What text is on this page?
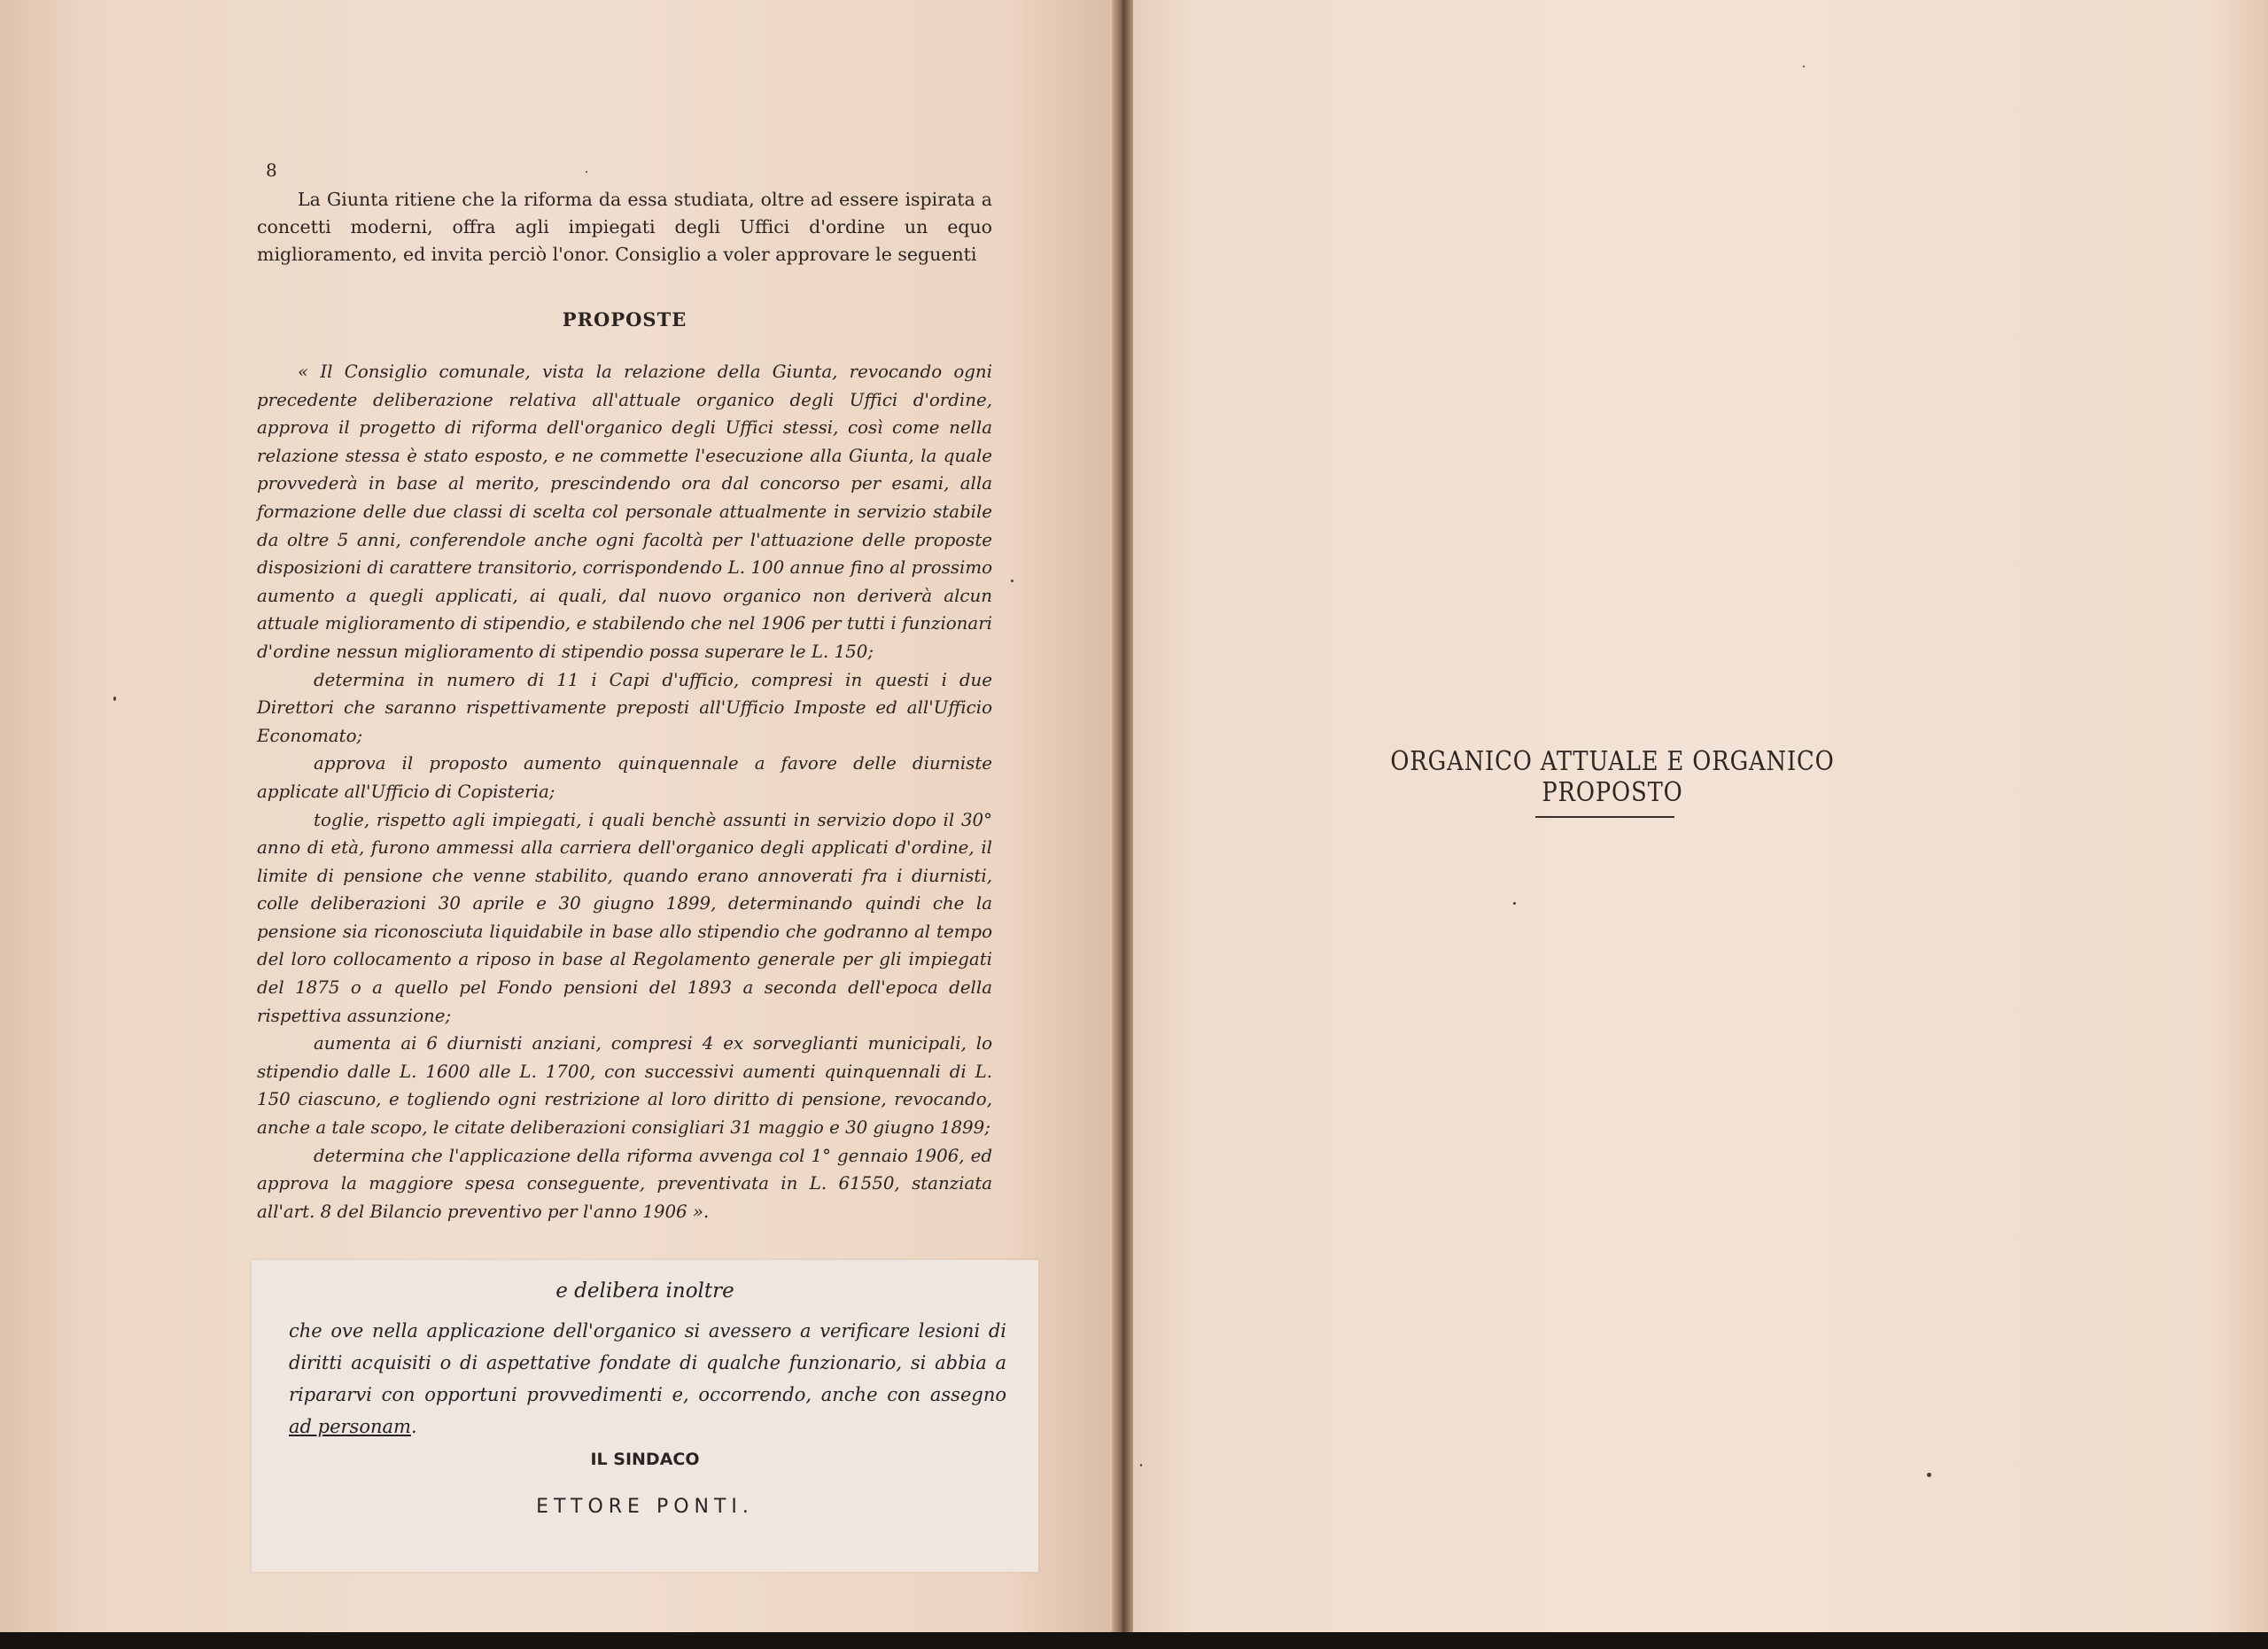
8

La Giunta ritiene che la riforma da essa studiata, oltre ad essere ispirata a concetti moderni, offra agli impiegati degli Uffici d'ordine un equo miglioramento, ed invita perciò l'onor. Consiglio a voler approvare le seguenti

PROPOSTE

« Il Consiglio comunale, vista la relazione della Giunta, revocando ogni precedente deliberazione relativa all'attuale organico degli Uffici d'ordine, approva il progetto di riforma dell'organico degli Uffici stessi, così come nella relazione stessa è stato esposto, e ne commette l'esecuzione alla Giunta, la quale provvederà in base al merito, prescindendo ora dal concorso per esami, alla formazione delle due classi di scelta col personale attualmente in servizio stabile da oltre 5 anni, conferendole anche ogni facoltà per l'attuazione delle proposte disposizioni di carattere transitorio, corrispondendo L. 100 annue fino al prossimo aumento a quegli applicati, ai quali, dal nuovo organico non deriverà alcun attuale miglioramento di stipendio, e stabilendo che nel 1906 per tutti i funzionari d'ordine nessun miglioramento di stipendio possa superare le L. 150;

determina in numero di 11 i Capi d'ufficio, compresi in questi i due Direttori che saranno rispettivamente preposti all'Ufficio Imposte ed all'Ufficio Economato;

approva il proposto aumento quinquennale a favore delle diurniste applicate all'Ufficio di Copisteria;

toglie, rispetto agli impiegati, i quali benchè assunti in servizio dopo il 30° anno di età, furono ammessi alla carriera dell'organico degli applicati d'ordine, il limite di pensione che venne stabilito, quando erano annoverati fra i diurnisti, colle deliberazioni 30 aprile e 30 giugno 1899, determinando quindi che la pensione sia riconosciuta liquidabile in base allo stipendio che godranno al tempo del loro collocamento a riposo in base al Regolamento generale per gli impiegati del 1875 o a quello pel Fondo pensioni del 1893 a seconda dell'epoca della rispettiva assunzione;

aumenta ai 6 diurnisti anziani, compresi 4 ex sorveglianti municipali, lo stipendio dalle L. 1600 alle L. 1700, con successivi aumenti quinquennali di L. 150 ciascuno, e togliendo ogni restrizione al loro diritto di pensione, revocando, anche a tale scopo, le citate deliberazioni consigliari 31 maggio e 30 giugno 1899;

determina che l'applicazione della riforma avvenga col 1° gennaio 1906, ed approva la maggiore spesa conseguente, preventivata in L. 61550, stanziata all'art. 8 del Bilancio preventivo per l'anno 1906 ».

e delibera inoltre

che ove nella applicazione dell'organico si avessero a verificare lesioni di diritti acquisiti o di aspettative fondate di qualche funzionario, si abbia a ripararvi con opportuni provvedimenti e, occorrendo, anche con assegno ad personam.

IL SINDACO
ETTORE PONTI.
ORGANICO ATTUALE E ORGANICO PROPOSTO
